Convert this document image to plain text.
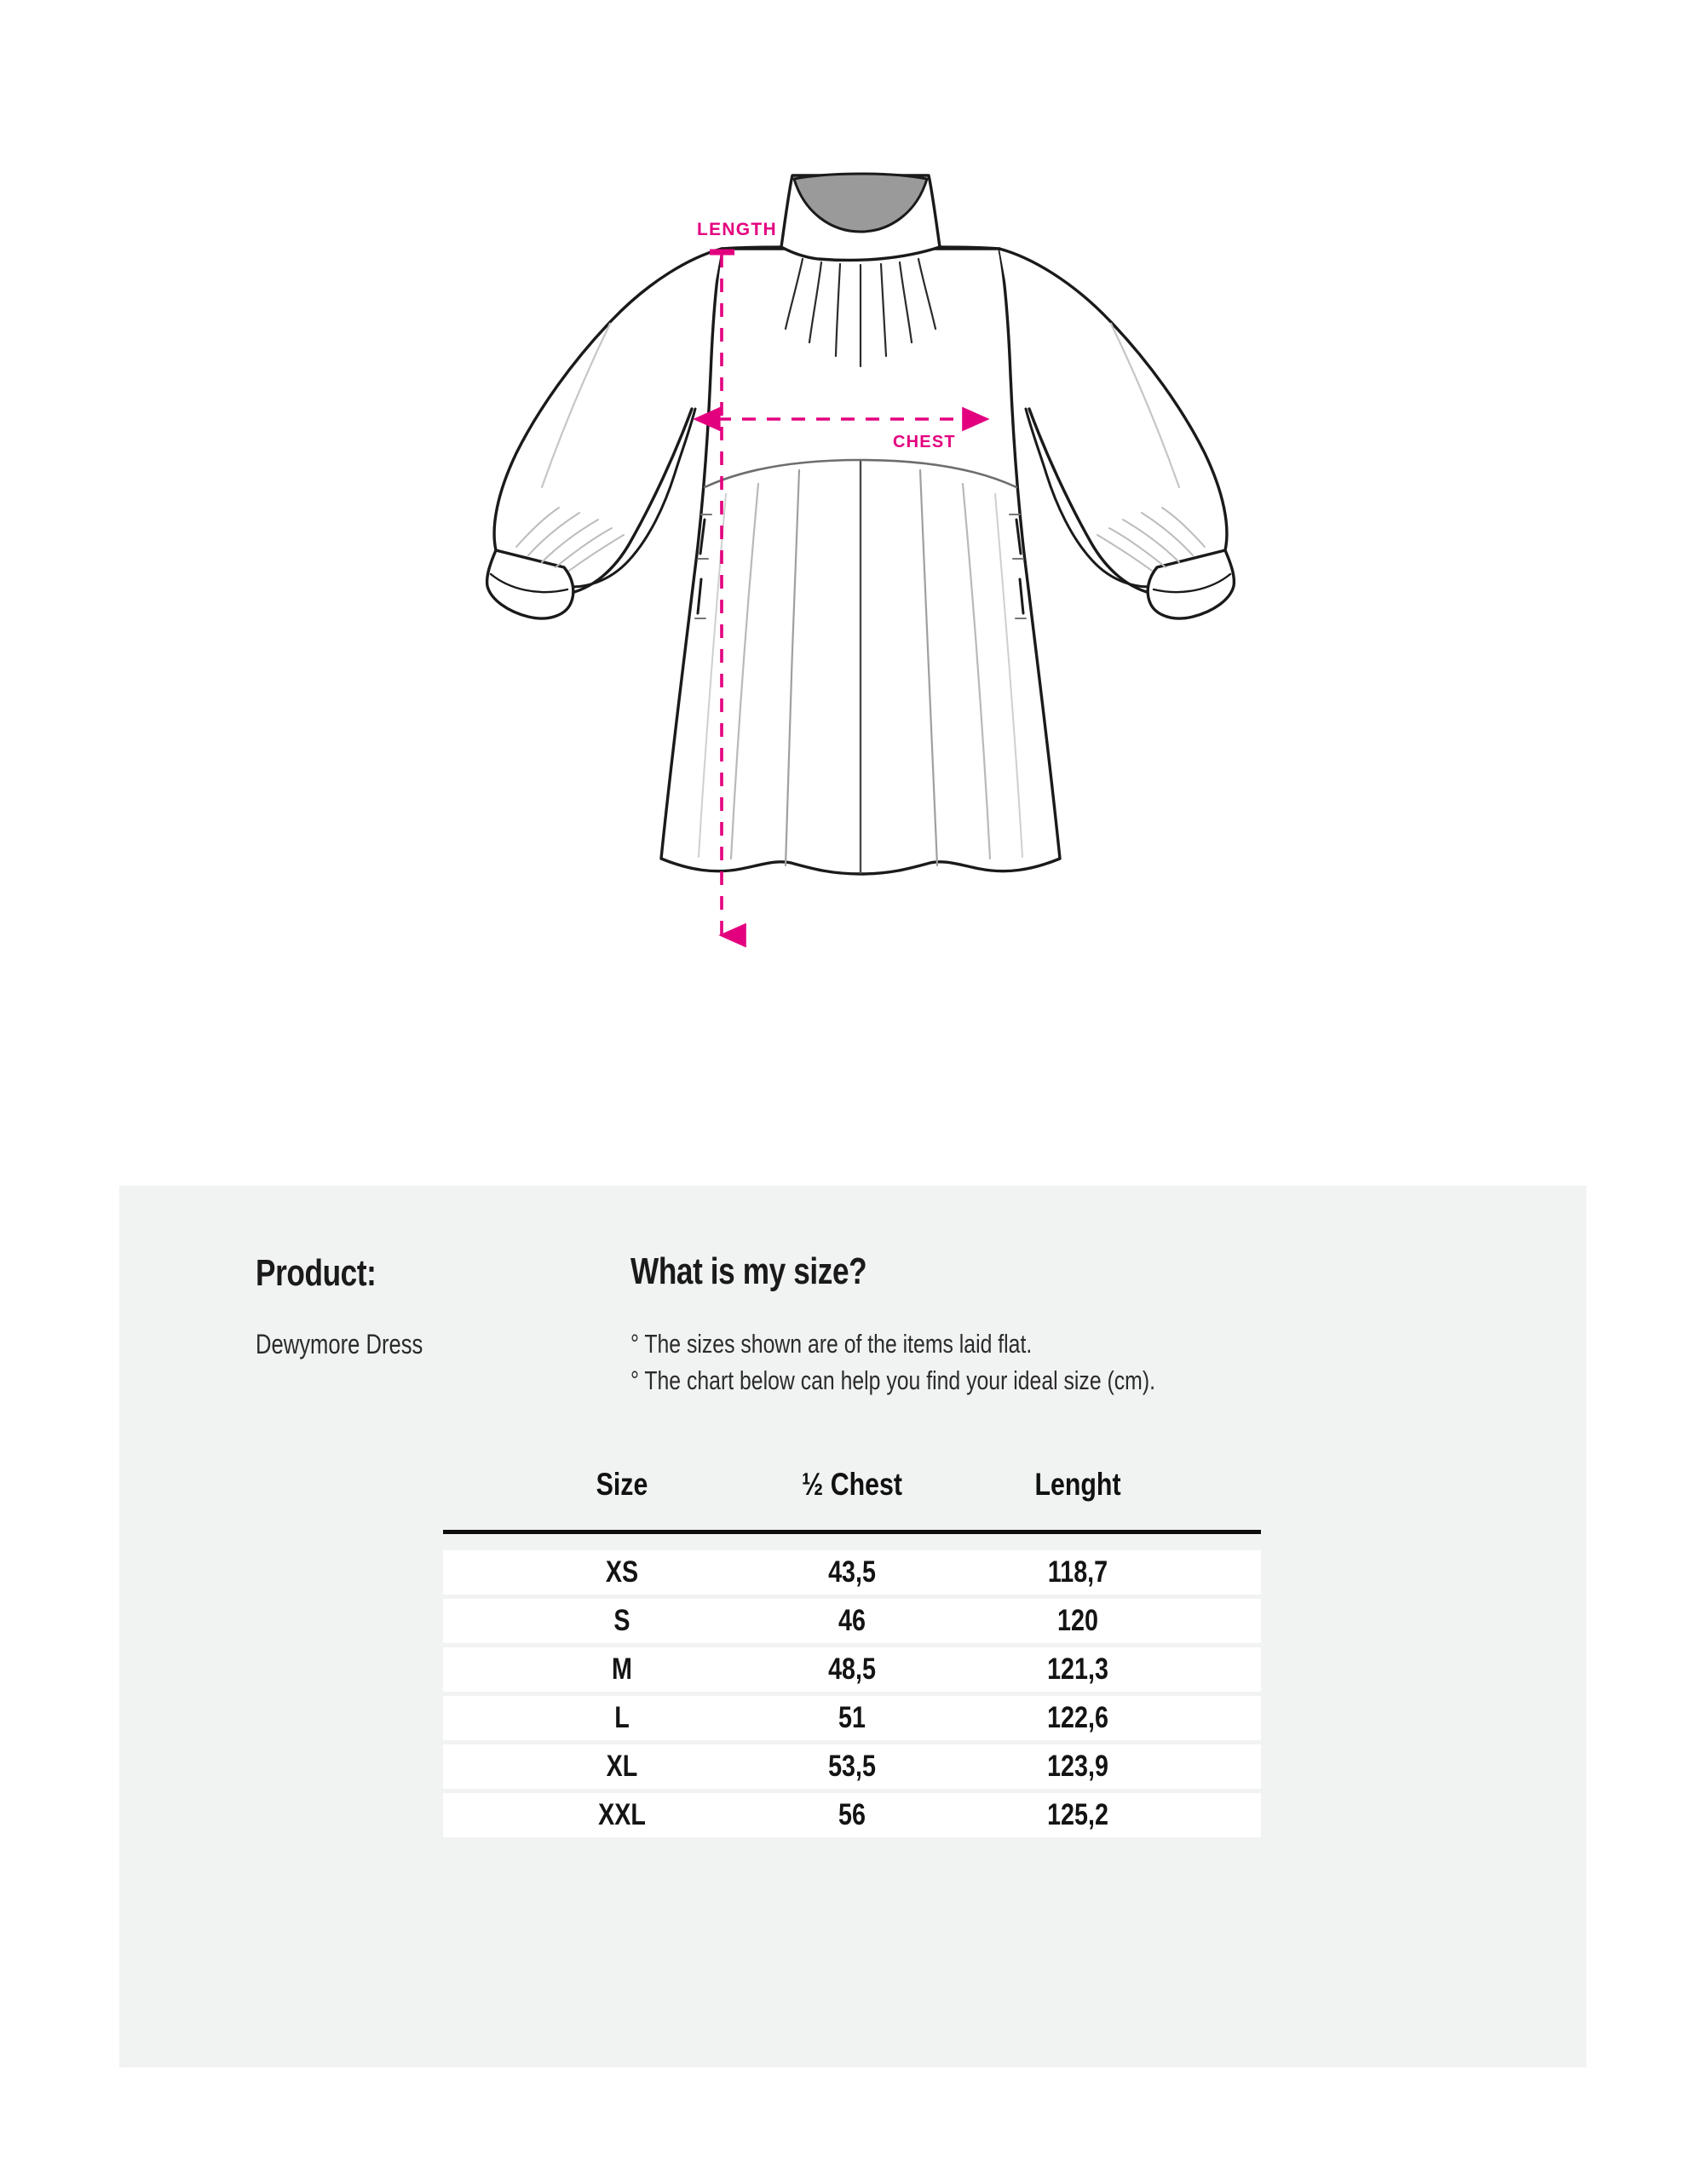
LENGTH
CHEST
Product:
Dewymore Dress
What is my size?
° The sizes shown are of the items laid flat.
° The chart below can help you find your ideal size (cm).
Size	½ Chest	Lenght
XS	43,5	118,7
S	46	120
M	48,5	121,3
L	51	122,6
XL	53,5	123,9
XXL	56	125,2
